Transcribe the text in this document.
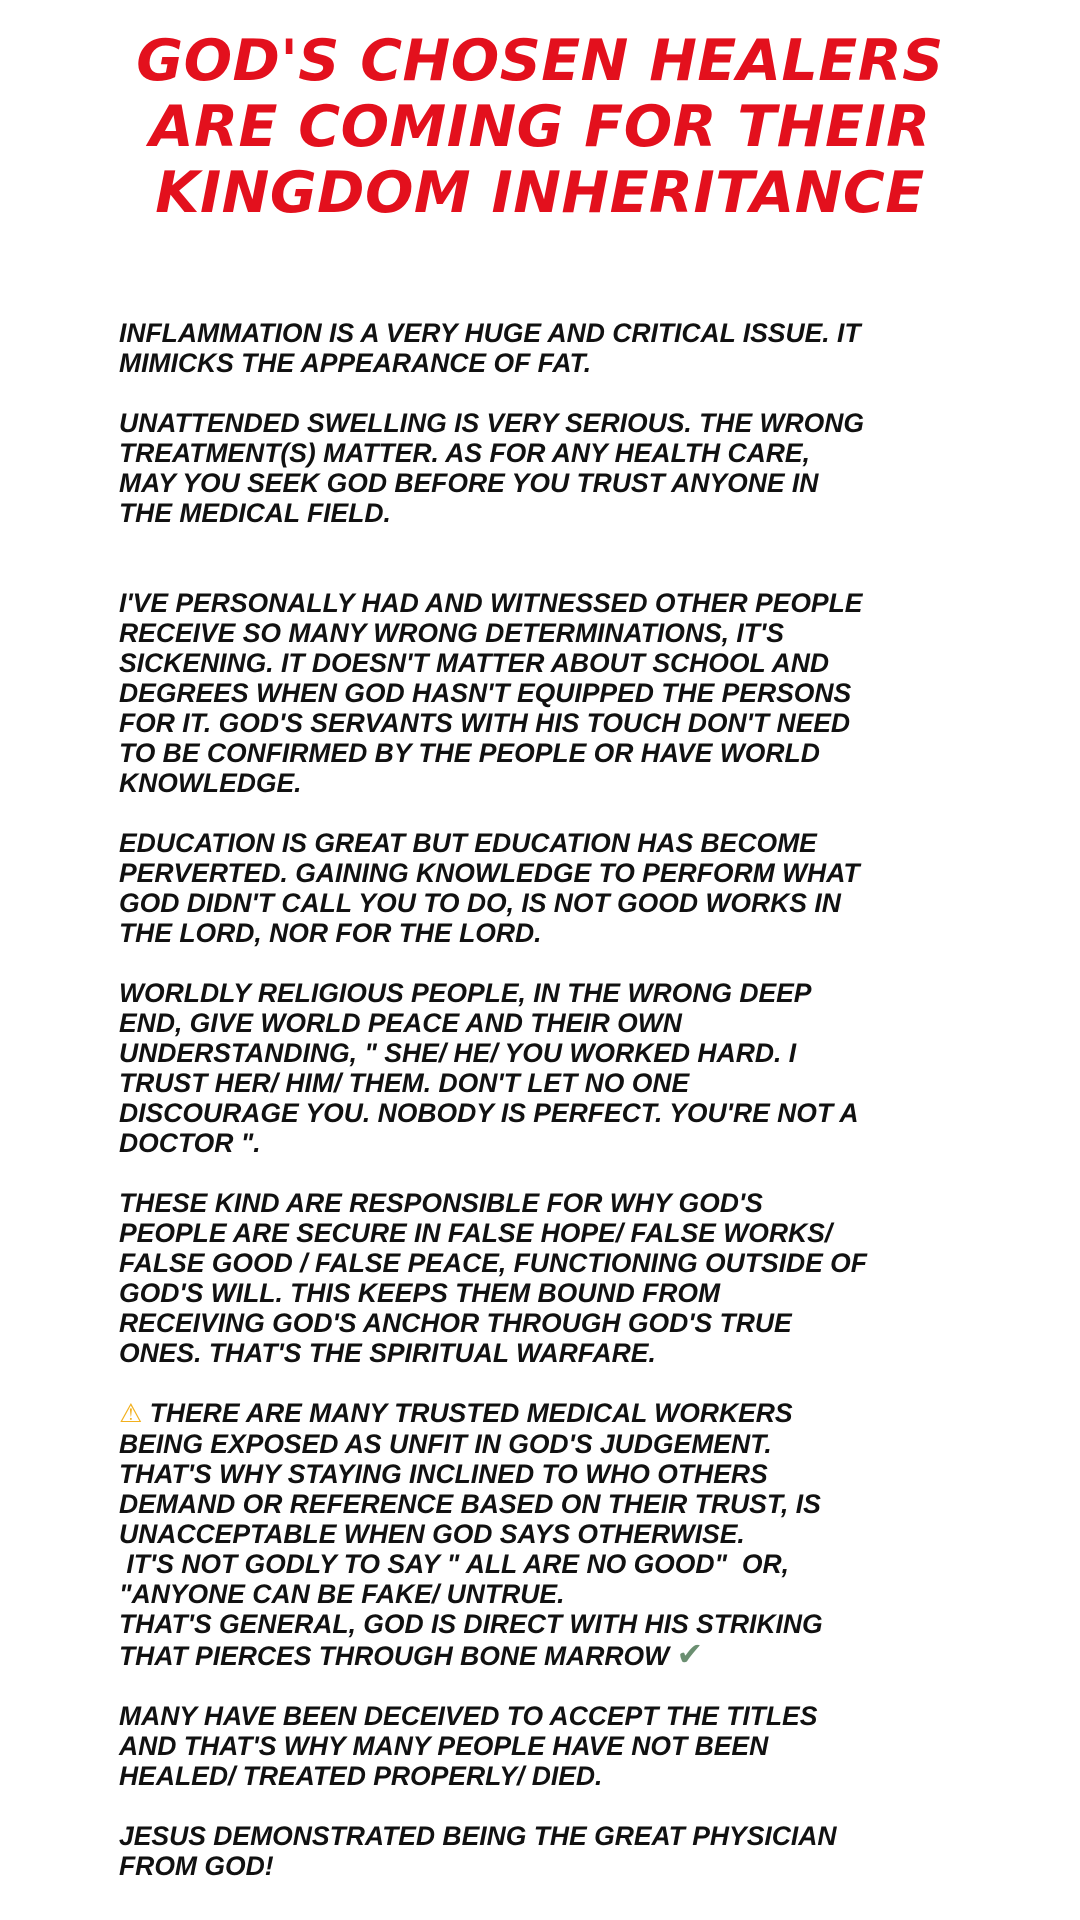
GOD'S CHOSEN HEALERS
ARE COMING FOR THEIR
KINGDOM INHERITANCE

INFLAMMATION IS A VERY HUGE AND CRITICAL ISSUE. IT
MIMICKS THE APPEARANCE OF FAT.

UNATTENDED SWELLING IS VERY SERIOUS. THE WRONG
TREATMENT(S) MATTER. AS FOR ANY HEALTH CARE,
MAY YOU SEEK GOD BEFORE YOU TRUST ANYONE IN
THE MEDICAL FIELD.

I'VE PERSONALLY HAD AND WITNESSED OTHER PEOPLE
RECEIVE SO MANY WRONG DETERMINATIONS, IT'S
SICKENING. IT DOESN'T MATTER ABOUT SCHOOL AND
DEGREES WHEN GOD HASN'T EQUIPPED THE PERSONS
FOR IT. GOD'S SERVANTS WITH HIS TOUCH DON'T NEED
TO BE CONFIRMED BY THE PEOPLE OR HAVE WORLD
KNOWLEDGE.

EDUCATION IS GREAT BUT EDUCATION HAS BECOME
PERVERTED. GAINING KNOWLEDGE TO PERFORM WHAT
GOD DIDN'T CALL YOU TO DO, IS NOT GOOD WORKS IN
THE LORD, NOR FOR THE LORD.

WORLDLY RELIGIOUS PEOPLE, IN THE WRONG DEEP
END, GIVE WORLD PEACE AND THEIR OWN
UNDERSTANDING, " SHE/ HE/ YOU WORKED HARD. I
TRUST HER/ HIM/ THEM. DON'T LET NO ONE
DISCOURAGE YOU. NOBODY IS PERFECT. YOU'RE NOT A
DOCTOR ".

THESE KIND ARE RESPONSIBLE FOR WHY GOD'S
PEOPLE ARE SECURE IN FALSE HOPE/ FALSE WORKS/
FALSE GOOD / FALSE PEACE, FUNCTIONING OUTSIDE OF
GOD'S WILL. THIS KEEPS THEM BOUND FROM
RECEIVING GOD'S ANCHOR THROUGH GOD'S TRUE
ONES. THAT'S THE SPIRITUAL WARFARE.

⚠ THERE ARE MANY TRUSTED MEDICAL WORKERS
BEING EXPOSED AS UNFIT IN GOD'S JUDGEMENT.
THAT'S WHY STAYING INCLINED TO WHO OTHERS
DEMAND OR REFERENCE BASED ON THEIR TRUST, IS
UNACCEPTABLE WHEN GOD SAYS OTHERWISE.
IT'S NOT GODLY TO SAY " ALL ARE NO GOOD"  OR,
"ANYONE CAN BE FAKE/ UNTRUE.
THAT'S GENERAL, GOD IS DIRECT WITH HIS STRIKING
THAT PIERCES THROUGH BONE MARROW ✔

MANY HAVE BEEN DECEIVED TO ACCEPT THE TITLES
AND THAT'S WHY MANY PEOPLE HAVE NOT BEEN
HEALED/ TREATED PROPERLY/ DIED.

JESUS DEMONSTRATED BEING THE GREAT PHYSICIAN
FROM GOD!
